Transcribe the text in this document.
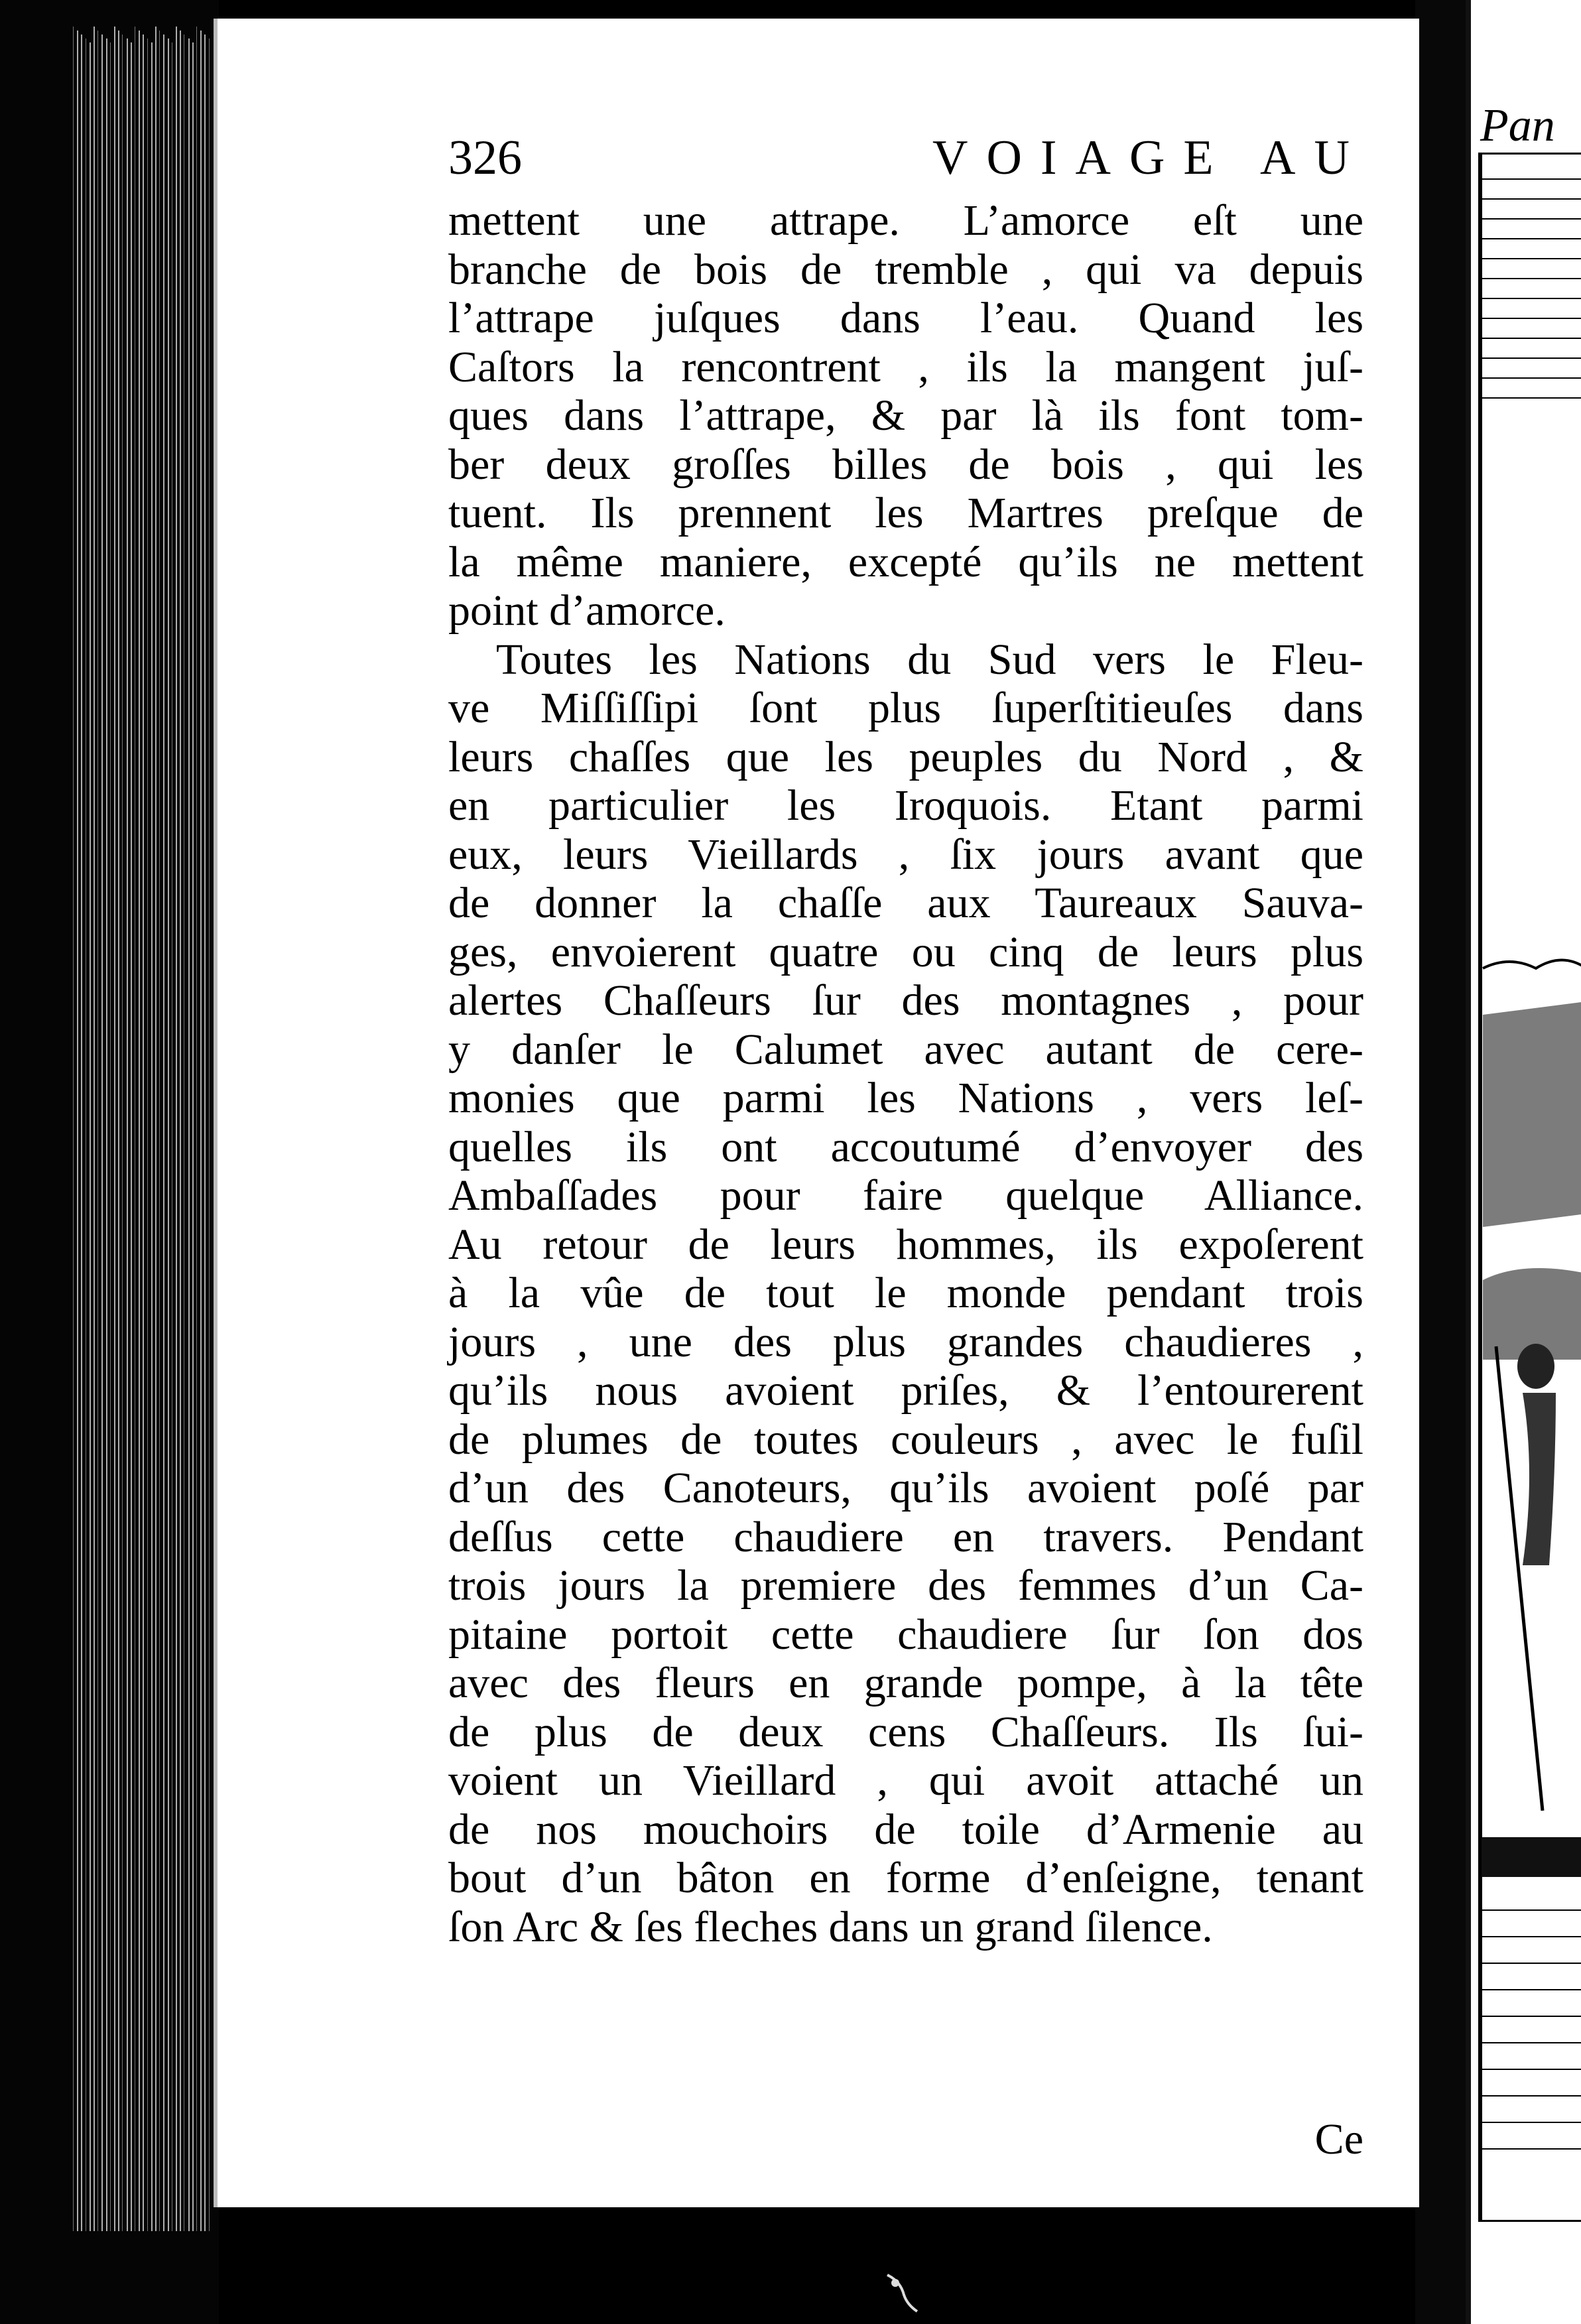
326	VOIAGE AU
mettent une attrape. L’amorce eſt une
branche de bois de tremble , qui va depuis
l’attrape juſques dans l’eau. Quand les
Caſtors la rencontrent , ils la mangent juſ-
ques dans l’attrape, & par là ils font tom-
ber deux groſſes billes de bois , qui les
tuent. Ils prennent les Martres preſque de
la même maniere, excepté qu’ils ne mettent
point d’amorce.
Toutes les Nations du Sud vers le Fleu-
ve Miſſiſſipi ſont plus ſuperſtitieuſes dans
leurs chaſſes que les peuples du Nord , &
en particulier les Iroquois. Etant parmi
eux, leurs Vieillards , ſix jours avant que
de donner la chaſſe aux Taureaux Sauva-
ges, envoierent quatre ou cinq de leurs plus
alertes Chaſſeurs ſur des montagnes , pour
y danſer le Calumet avec autant de cere-
monies que parmi les Nations , vers leſ-
quelles ils ont accoutumé d’envoyer des
Ambaſſades pour faire quelque Alliance.
Au retour de leurs hommes, ils expoſerent
à la vûe de tout le monde pendant trois
jours , une des plus grandes chaudieres ,
qu’ils nous avoient priſes, & l’entourerent
de plumes de toutes couleurs , avec le fuſil
d’un des Canoteurs, qu’ils avoient poſé par
deſſus cette chaudiere en travers. Pendant
trois jours la premiere des femmes d’un Ca-
pitaine portoit cette chaudiere ſur ſon dos
avec des fleurs en grande pompe, à la tête
de plus de deux cens Chaſſeurs. Ils ſui-
voient un Vieillard , qui avoit attaché un
de nos mouchoirs de toile d’Armenie au
bout d’un bâton en forme d’enſeigne, tenant
ſon Arc & ſes fleches dans un grand ſilence.
Ce
Pan
